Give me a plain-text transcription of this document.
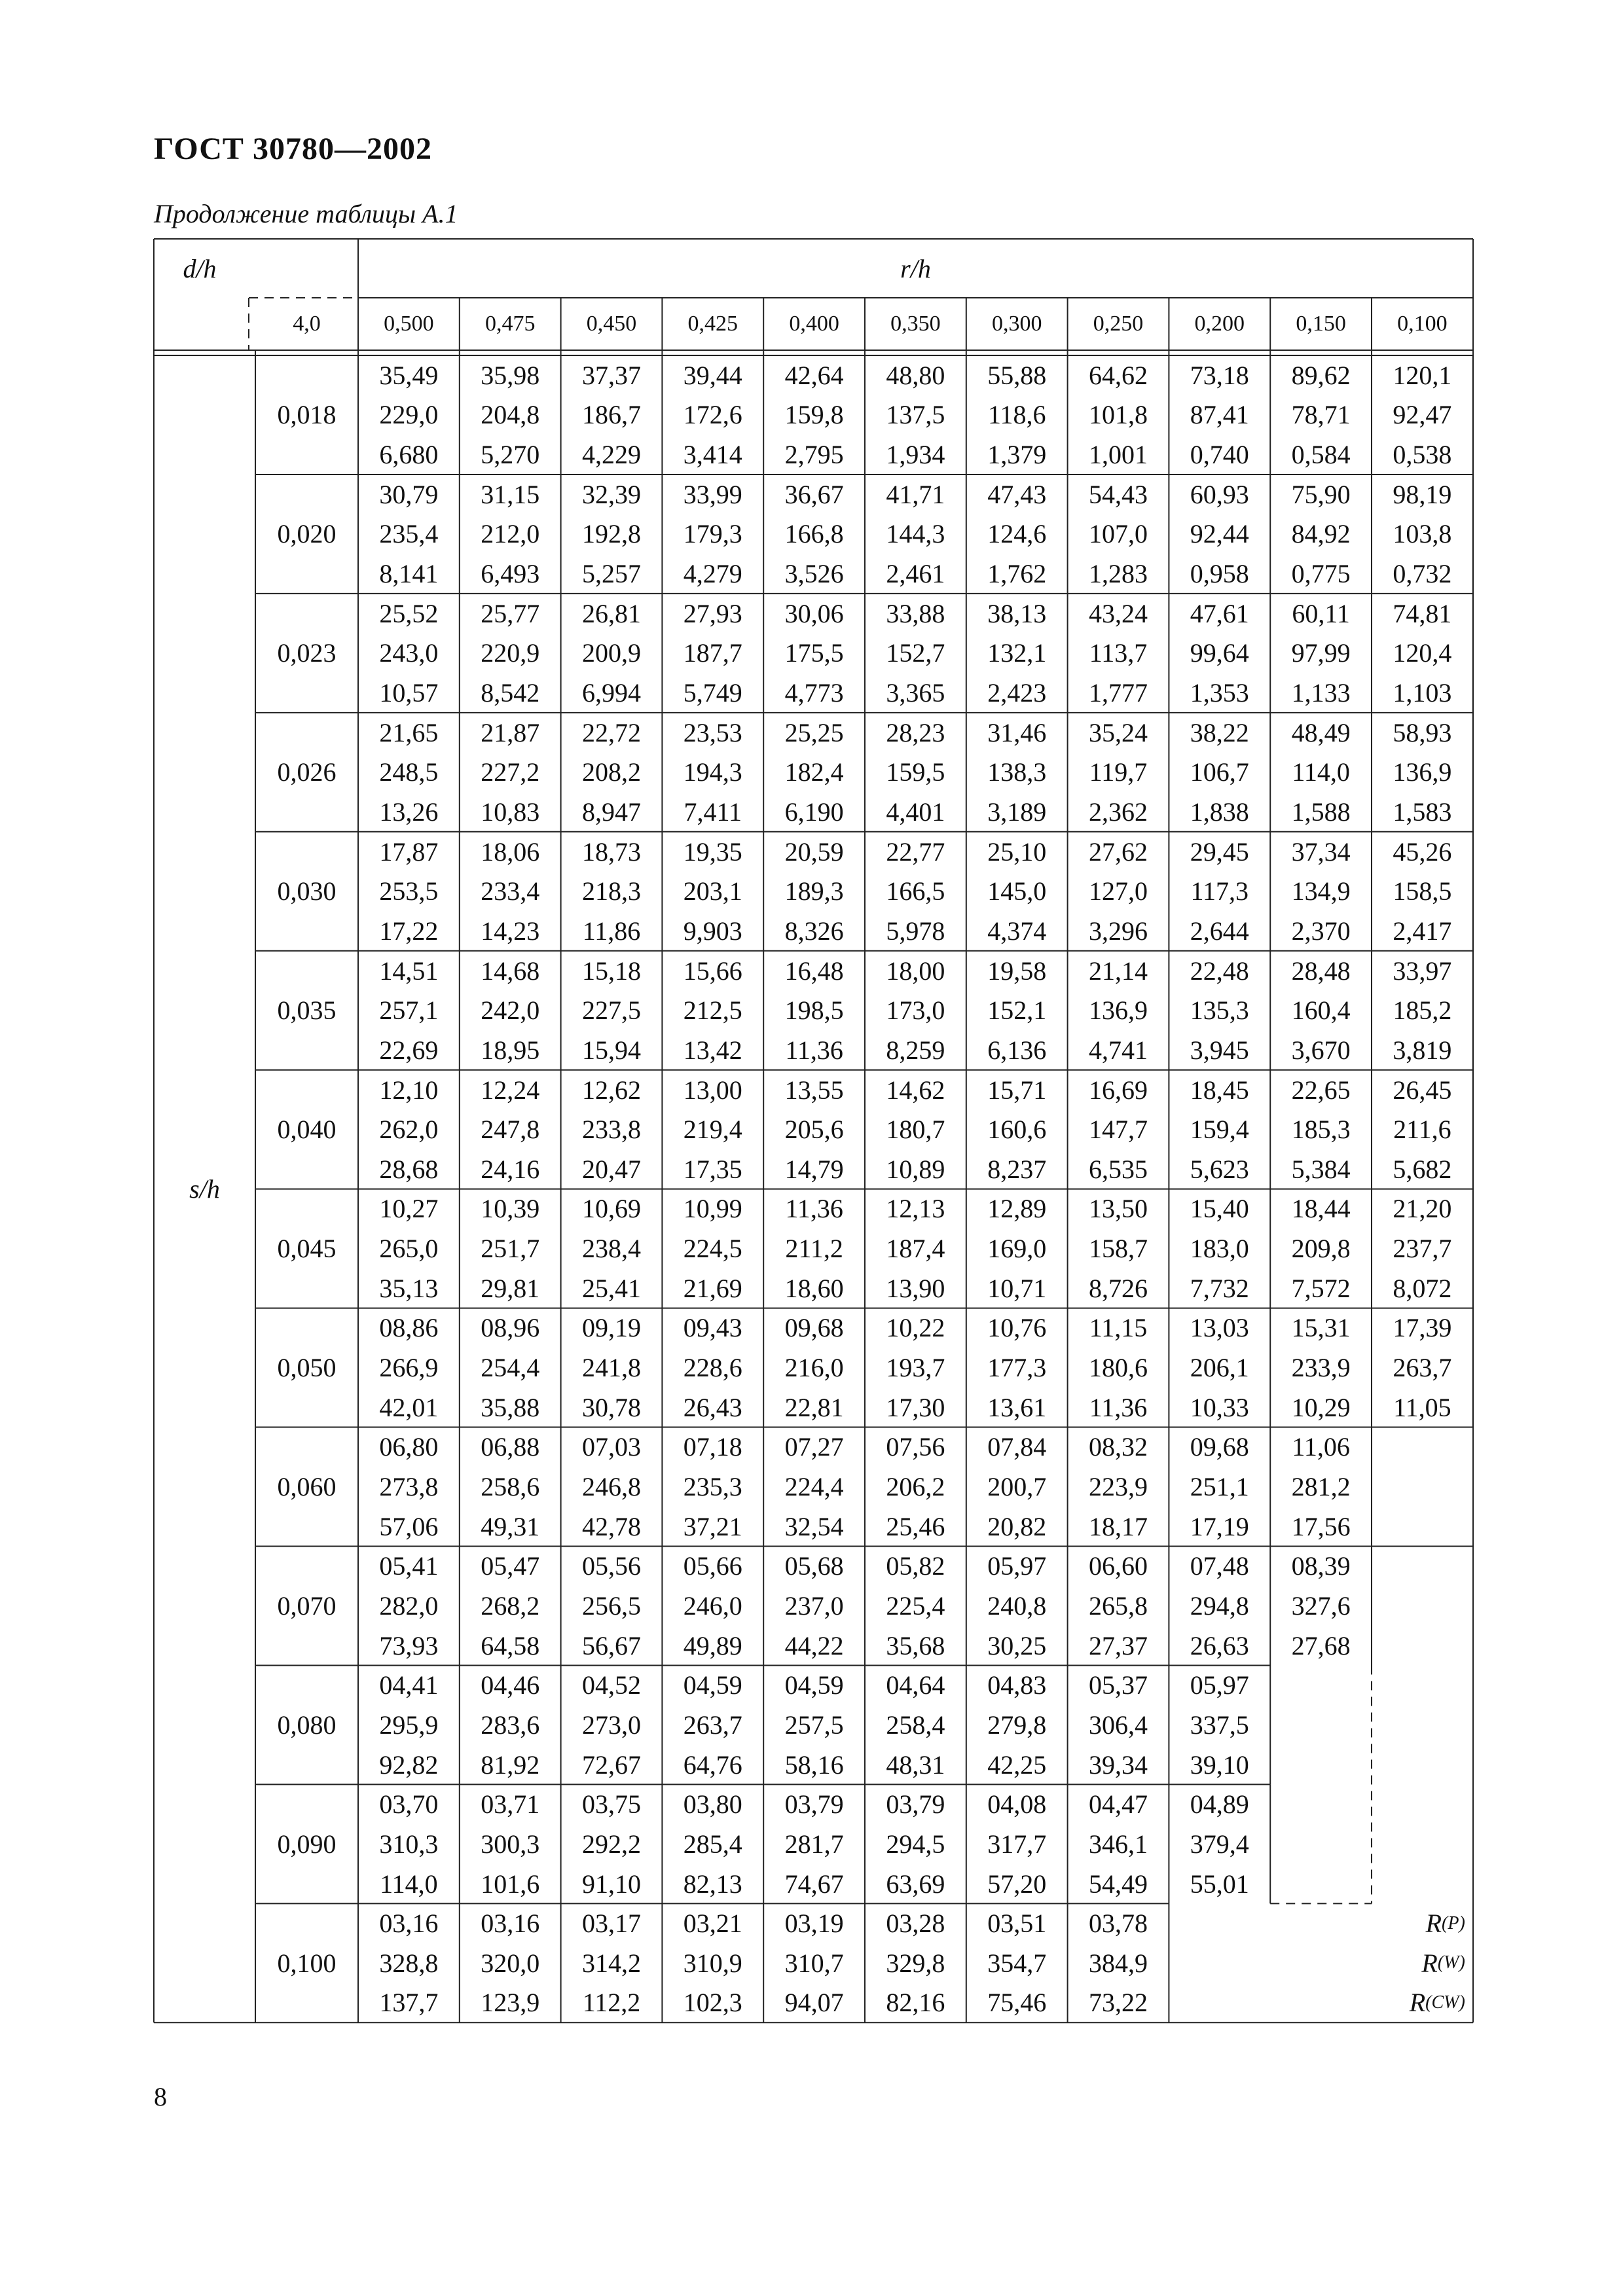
ГОСТ 30780—2002
Продолжение таблицы А.1
d/h
4,0
r/h
0,500	0,475	0,450	0,425	0,400	0,350	0,300	0,250	0,200	0,150	0,100
s/h
0,018
35,49	35,98	37,37	39,44	42,64	48,80	55,88	64,62	73,18	89,62	120,1
229,0	204,8	186,7	172,6	159,8	137,5	118,6	101,8	87,41	78,71	92,47
6,680	5,270	4,229	3,414	2,795	1,934	1,379	1,001	0,740	0,584	0,538
0,020
30,79	31,15	32,39	33,99	36,67	41,71	47,43	54,43	60,93	75,90	98,19
235,4	212,0	192,8	179,3	166,8	144,3	124,6	107,0	92,44	84,92	103,8
8,141	6,493	5,257	4,279	3,526	2,461	1,762	1,283	0,958	0,775	0,732
0,023
25,52	25,77	26,81	27,93	30,06	33,88	38,13	43,24	47,61	60,11	74,81
243,0	220,9	200,9	187,7	175,5	152,7	132,1	113,7	99,64	97,99	120,4
10,57	8,542	6,994	5,749	4,773	3,365	2,423	1,777	1,353	1,133	1,103
0,026
21,65	21,87	22,72	23,53	25,25	28,23	31,46	35,24	38,22	48,49	58,93
248,5	227,2	208,2	194,3	182,4	159,5	138,3	119,7	106,7	114,0	136,9
13,26	10,83	8,947	7,411	6,190	4,401	3,189	2,362	1,838	1,588	1,583
0,030
17,87	18,06	18,73	19,35	20,59	22,77	25,10	27,62	29,45	37,34	45,26
253,5	233,4	218,3	203,1	189,3	166,5	145,0	127,0	117,3	134,9	158,5
17,22	14,23	11,86	9,903	8,326	5,978	4,374	3,296	2,644	2,370	2,417
0,035
14,51	14,68	15,18	15,66	16,48	18,00	19,58	21,14	22,48	28,48	33,97
257,1	242,0	227,5	212,5	198,5	173,0	152,1	136,9	135,3	160,4	185,2
22,69	18,95	15,94	13,42	11,36	8,259	6,136	4,741	3,945	3,670	3,819
0,040
12,10	12,24	12,62	13,00	13,55	14,62	15,71	16,69	18,45	22,65	26,45
262,0	247,8	233,8	219,4	205,6	180,7	160,6	147,7	159,4	185,3	211,6
28,68	24,16	20,47	17,35	14,79	10,89	8,237	6,535	5,623	5,384	5,682
0,045
10,27	10,39	10,69	10,99	11,36	12,13	12,89	13,50	15,40	18,44	21,20
265,0	251,7	238,4	224,5	211,2	187,4	169,0	158,7	183,0	209,8	237,7
35,13	29,81	25,41	21,69	18,60	13,90	10,71	8,726	7,732	7,572	8,072
0,050
08,86	08,96	09,19	09,43	09,68	10,22	10,76	11,15	13,03	15,31	17,39
266,9	254,4	241,8	228,6	216,0	193,7	177,3	180,6	206,1	233,9	263,7
42,01	35,88	30,78	26,43	22,81	17,30	13,61	11,36	10,33	10,29	11,05
0,060
06,80	06,88	07,03	07,18	07,27	07,56	07,84	08,32	09,68	11,06
273,8	258,6	246,8	235,3	224,4	206,2	200,7	223,9	251,1	281,2
57,06	49,31	42,78	37,21	32,54	25,46	20,82	18,17	17,19	17,56
0,070
05,41	05,47	05,56	05,66	05,68	05,82	05,97	06,60	07,48	08,39
282,0	268,2	256,5	246,0	237,0	225,4	240,8	265,8	294,8	327,6
73,93	64,58	56,67	49,89	44,22	35,68	30,25	27,37	26,63	27,68
0,080
04,41	04,46	04,52	04,59	04,59	04,64	04,83	05,37	05,97
295,9	283,6	273,0	263,7	257,5	258,4	279,8	306,4	337,5
92,82	81,92	72,67	64,76	58,16	48,31	42,25	39,34	39,10
0,090
03,70	03,71	03,75	03,80	03,79	03,79	04,08	04,47	04,89
310,3	300,3	292,2	285,4	281,7	294,5	317,7	346,1	379,4
114,0	101,6	91,10	82,13	74,67	63,69	57,20	54,49	55,01
0,100
03,16	03,16	03,17	03,21	03,19	03,28	03,51	03,78
328,8	320,0	314,2	310,9	310,7	329,8	354,7	384,9
137,7	123,9	112,2	102,3	94,07	82,16	75,46	73,22
R (P)
R (W)
R (CW)
8
